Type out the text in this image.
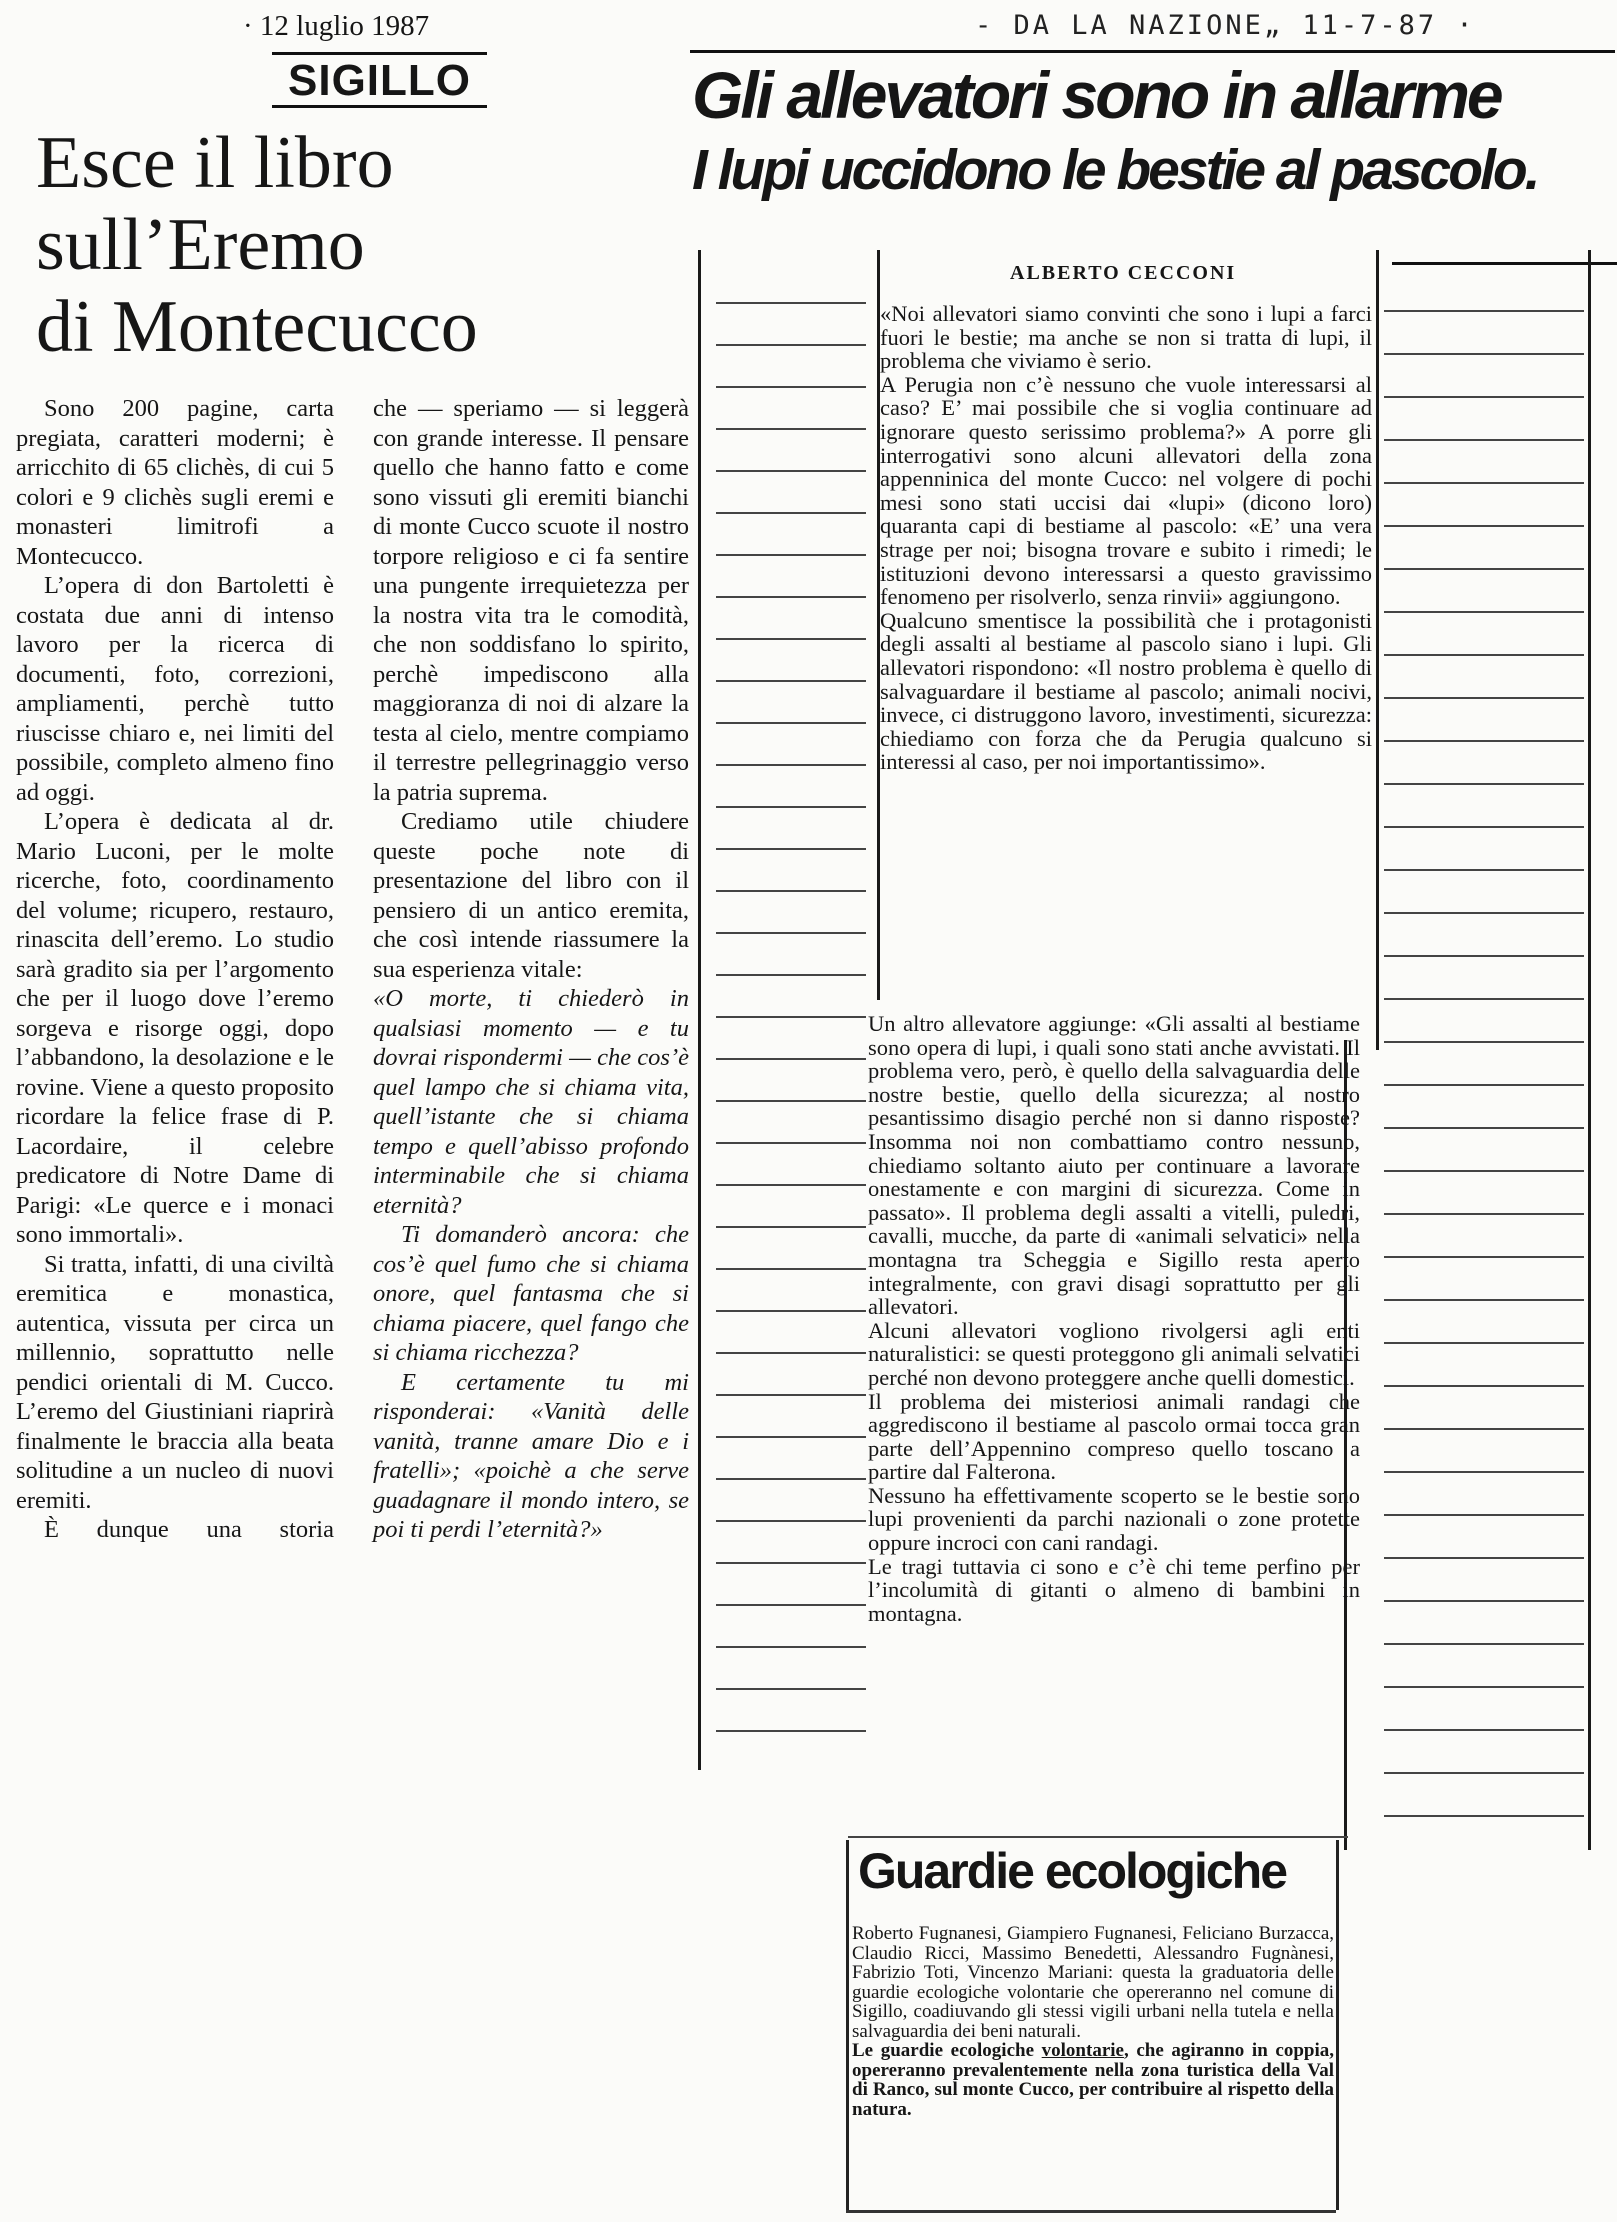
· 12 luglio 1987
SIGILLO
Esce il libro
sull’Eremo
di Montecucco

Sono 200 pagine, carta pregiata, caratteri moderni; è arricchito di 65 clichès, di cui 5 colori e 9 clichès sugli eremi e monasteri limitrofi a Montecucco.

L’opera di don Bartoletti è costata due anni di intenso lavoro per la ricerca di documenti, foto, correzioni, ampliamenti, perchè tutto riuscisse chiaro e, nei limiti del possibile, completo almeno fino ad oggi.

L’opera è dedicata al dr. Mario Luconi, per le molte ricerche, foto, coordinamento del volume; ricupero, restauro, rinascita dell’eremo. Lo studio sarà gradito sia per l’argomento che per il luogo dove l’eremo sorgeva e risorge oggi, dopo l’abbandono, la desolazione e le rovine. Viene a questo proposito ricordare la felice frase di P. Lacordaire, il celebre predicatore di Notre Dame di Parigi: «Le querce e i monaci sono immortali».

Si tratta, infatti, di una civiltà eremitica e monastica, autentica, vissuta per circa un millennio, soprattutto nelle pendici orientali di M. Cucco. L’eremo del Giustiniani riaprirà finalmente le braccia alla beata solitudine a un nucleo di nuovi eremiti.

È dunque una storia

che — speriamo — si leggerà con grande interesse. Il pensare quello che hanno fatto e come sono vissuti gli eremiti bianchi di monte Cucco scuote il nostro torpore religioso e ci fa sentire una pungente irrequietezza per la nostra vita tra le comodità, che non soddisfano lo spirito, perchè impediscono alla maggioranza di noi di alzare la testa al cielo, mentre compiamo il terrestre pellegrinaggio verso la patria suprema.

Crediamo utile chiudere queste poche note di presentazione del libro con il pensiero di un antico eremita, che così intende riassumere la sua esperienza vitale:

«O morte, ti chiederò in qualsiasi momento — e tu dovrai rispondermi — che cos’è quel lampo che si chiama vita, quell’istante che si chiama tempo e quell’abisso profondo interminabile che si chiama eternità?

Ti domanderò ancora: che cos’è quel fumo che si chiama onore, quel fantasma che si chiama piacere, quel fango che si chiama ricchezza?

E certamente tu mi risponderai: «Vanità delle vanità, tranne amare Dio e i fratelli»; «poichè a che serve guadagnare il mondo intero, se poi ti perdi l’eternità?»

- DA LA NAZIONE„ 11-7-87 ·
Gli allevatori sono in allarme
I lupi uccidono le bestie al pascolo.
ALBERTO CECCONI

«Noi allevatori siamo convinti che sono i lupi a farci fuori le bestie; ma anche se non si tratta di lupi, il problema che viviamo è serio.

A Perugia non c’è nessuno che vuole interessarsi al caso? E’ mai possibile che si voglia continuare ad ignorare questo serissimo problema?» A porre gli interrogativi sono alcuni allevatori della zona appenninica del monte Cucco: nel volgere di pochi mesi sono stati uccisi dai «lupi» (dicono loro) quaranta capi di bestiame al pascolo: «E’ una vera strage per noi; bisogna trovare e subito i rimedi; le istituzioni devono interessarsi a questo gravissimo fenomeno per risolverlo, senza rinvii» aggiungono.

Qualcuno smentisce la possibilità che i protagonisti degli assalti al bestiame al pascolo siano i lupi. Gli allevatori rispondono: «Il nostro problema è quello di salvaguardare il bestiame al pascolo; animali nocivi, invece, ci distruggono lavoro, investimenti, sicurezza: chiediamo con forza che da Perugia qualcuno si interessi al caso, per noi importantissimo».

Un altro allevatore aggiunge: «Gli assalti al bestiame sono opera di lupi, i quali sono stati anche avvistati. Il problema vero, però, è quello della salvaguardia delle nostre bestie, quello della sicurezza; al nostro pesantissimo disagio perché non si danno risposte? Insomma noi non combattiamo contro nessuno, chiediamo soltanto aiuto per continuare a lavorare onestamente e con margini di sicurezza. Come in passato». Il problema degli assalti a vitelli, puledri, cavalli, mucche, da parte di «animali selvatici» nella montagna tra Scheggia e Sigillo resta aperto integralmente, con gravi disagi soprattutto per gli allevatori.

Alcuni allevatori vogliono rivolgersi agli enti naturalistici: se questi proteggono gli animali selvatici perché non devono proteggere anche quelli domestici.

Il problema dei misteriosi animali randagi che aggrediscono il bestiame al pascolo ormai tocca gran parte dell’Appennino compreso quello toscano a partire dal Falterona.

Nessuno ha effettivamente scoperto se le bestie sono lupi provenienti da parchi nazionali o zone protette oppure incroci con cani randagi.

Le tragi tuttavia ci sono e c’è chi teme perfino per l’incolumità di gitanti o almeno di bambini in montagna.

Guardie ecologiche

Roberto Fugnanesi, Giampiero Fugnanesi, Feliciano Burzacca, Claudio Ricci, Massimo Benedetti, Alessandro Fugnànesi, Fabrizio Toti, Vincenzo Mariani: questa la graduatoria delle guardie ecologiche volontarie che opereranno nel comune di Sigillo, coadiuvando gli stessi vigili urbani nella tutela e nella salvaguardia dei beni naturali.

Le guardie ecologiche volontarie, che agiranno in coppia, opereranno prevalentemente nella zona turistica della Val di Ranco, sul monte Cucco, per contribuire al rispetto della natura.
